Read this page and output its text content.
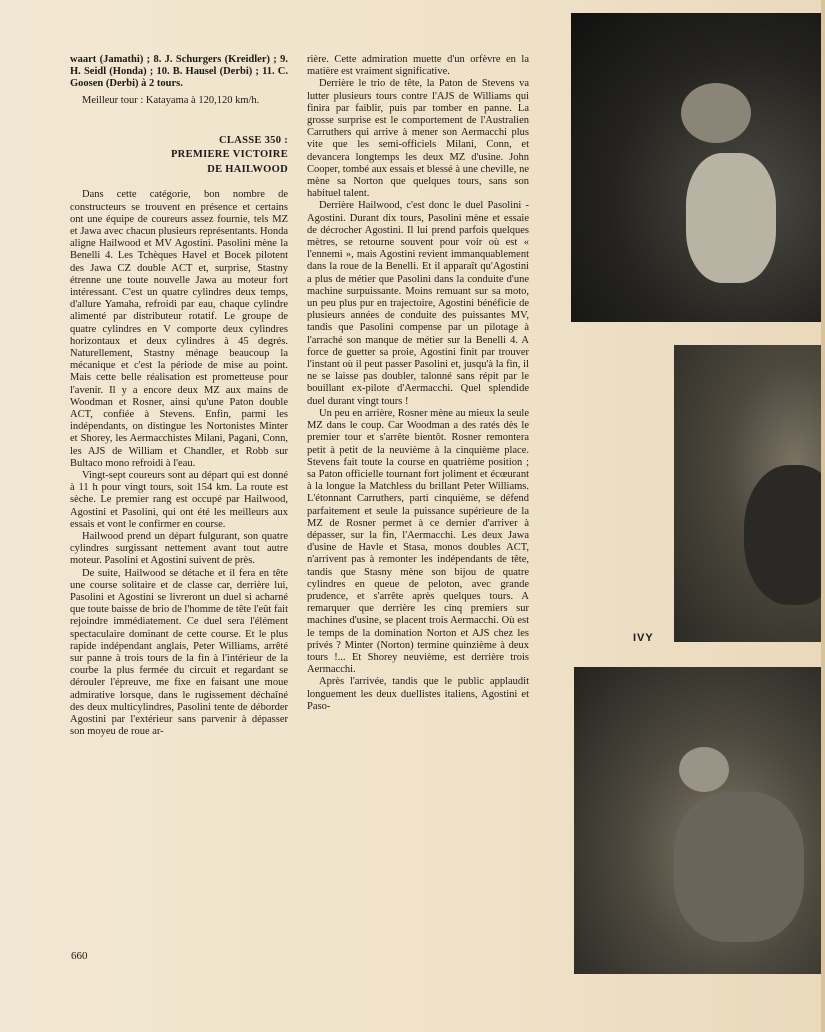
waart (Jamathi) ; 8. J. Schurgers (Kreidler) ; 9. H. Seidl (Honda) ; 10. B. Hausel (Derbi) ; 11. C. Goosen (Derbi) à 2 tours.

Meilleur tour : Katayama à 120,120 km/h.

CLASSE 350 :
PREMIERE VICTOIRE
DE HAILWOOD

Dans cette catégorie, bon nombre de constructeurs se trouvent en présence et certains ont une équipe de coureurs assez fournie, tels MZ et Jawa avec chacun plusieurs représentants. Honda aligne Hailwood et MV Agostini. Pasolini mène la Benelli 4. Les Tchèques Havel et Bocek pilotent des Jawa CZ double ACT et, surprise, Stastny étrenne une toute nouvelle Jawa au moteur fort intéressant. C'est un quatre cylindres deux temps, d'allure Yamaha, refroidi par eau, chaque cylindre alimenté par distributeur rotatif. Le groupe de quatre cylindres en V comporte deux cylindres horizontaux et deux cylindres à 45 degrés. Naturellement, Stastny ménage beaucoup la mécanique et c'est la période de mise au point. Mais cette belle réalisation est prometteuse pour l'avenir. Il y a encore deux MZ aux mains de Woodman et Rosner, ainsi qu'une Paton double ACT, confiée à Stevens. Enfin, parmi les indépendants, on distingue les Nortonistes Minter et Shorey, les Aermacchistes Milani, Pagani, Conn, les AJS de William et Chandler, et Robb sur Bultaco mono refroidi à l'eau.

Vingt-sept coureurs sont au départ qui est donné à 11 h pour vingt tours, soit 154 km. La route est sèche. Le premier rang est occupé par Hailwood, Agostini et Pasolini, qui ont été les meilleurs aux essais et vont le confirmer en course.

Hailwood prend un départ fulgurant, son quatre cylindres surgissant nettement avant tout autre moteur. Pasolini et Agostini suivent de près.

De suite, Hailwood se détache et il fera en tête une course solitaire et de classe car, derrière lui, Pasolini et Agostini se livreront un duel si acharné que toute baisse de brio de l'homme de tête l'eût fait rejoindre immédiatement. Ce duel sera l'élément spectaculaire dominant de cette course. Et le plus rapide indépendant anglais, Peter Williams, arrêté sur panne à trois tours de la fin à l'intérieur de la courbe la plus fermée du circuit et regardant se dérouler l'épreuve, me fixe en faisant une moue admirative lorsque, dans le rugissement déchaîné des deux multicylindres, Pasolini tente de déborder Agostini par l'extérieur sans parvenir à dépasser son moyeu de roue ar-

rière. Cette admiration muette d'un orfèvre en la matière est vraiment significative.

Derrière le trio de tête, la Paton de Stevens va lutter plusieurs tours contre l'AJS de Williams qui finira par faiblir, puis par tomber en panne. La grosse surprise est le comportement de l'Australien Carruthers qui arrive à mener son Aermacchi plus vite que les semi-officiels Milani, Conn, et devancera longtemps les deux MZ d'usine. John Cooper, tombé aux essais et blessé à une cheville, ne mène sa Norton que quelques tours, sans son habituel talent.

Derrière Hailwood, c'est donc le duel Pasolini - Agostini. Durant dix tours, Pasolini mène et essaie de décrocher Agostini. Il lui prend parfois quelques mètres, se retourne souvent pour voir où est « l'ennemi », mais Agostini revient immanquablement dans la roue de la Benelli. Et il apparaît qu'Agostini a plus de métier que Pasolini dans la conduite d'une machine surpuissante. Moins remuant sur sa moto, un peu plus pur en trajectoire, Agostini bénéficie de plusieurs années de conduite des puissantes MV, tandis que Pasolini compense par un pilotage à l'arraché son manque de métier sur la Benelli 4. A force de guetter sa proie, Agostini finit par trouver l'instant où il peut passer Pasolini et, jusqu'à la fin, il ne se laisse pas doubler, talonné sans répit par le bouillant ex-pilote d'Aermacchi. Quel splendide duel durant vingt tours !

Un peu en arrière, Rosner mène au mieux la seule MZ dans le coup. Car Woodman a des ratés dès le premier tour et s'arrête bientôt. Rosner remontera petit à petit de la neuvième à la cinquième place. Stevens fait toute la course en quatrième position ; sa Paton officielle tournant fort joliment et écœurant à la longue la Matchless du brillant Peter Williams. L'étonnant Carruthers, parti cinquième, se défend parfaitement et seule la puissance supérieure de la MZ de Rosner permet à ce dernier d'arriver à dépasser, sur la fin, l'Aermacchi. Les deux Jawa d'usine de Havle et Stasa, monos doubles ACT, n'arrivent pas à remonter les indépendants de tête, tandis que Stasny mène son bijou de quatre cylindres en queue de peloton, avec grande prudence, et s'arrête après quelques tours. A remarquer que derrière les cinq premiers sur machines d'usine, se placent trois Aermacchi. Où est le temps de la domination Norton et AJS chez les privés ? Minter (Norton) termine quinzième à deux tours !... Et Shorey neuvième, est derrière trois Aermacchi.

Après l'arrivée, tandis que le public applaudit longuement les deux duellistes italiens, Agostini et Paso-

IVY
660
